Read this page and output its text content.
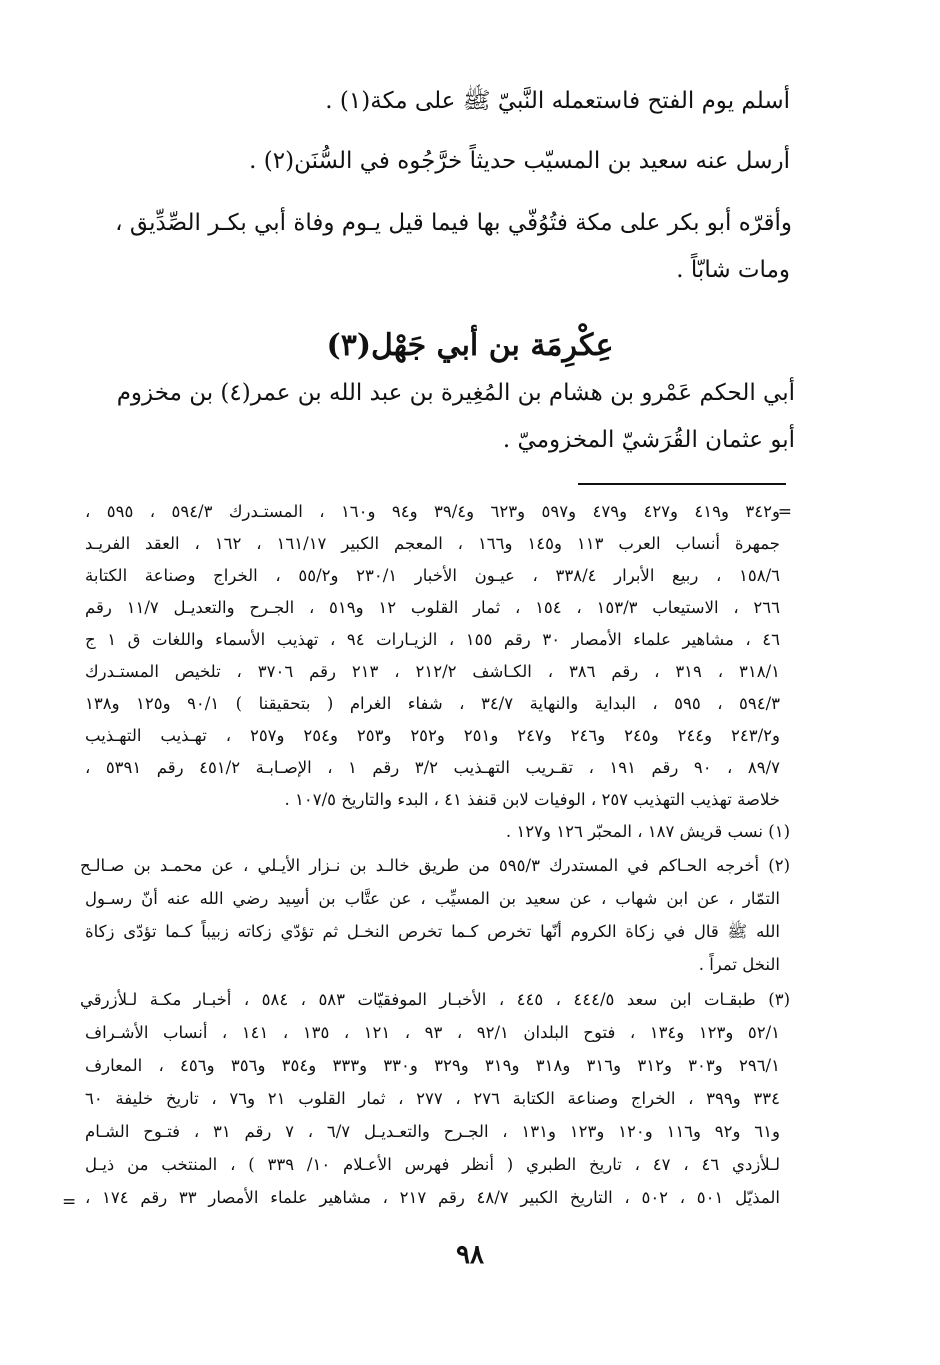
أسلم يوم الفتح فاستعمله النَّبيّ ﷺ على مكة(١) .
أرسل عنه سعيد بن المسيّب حديثاً خرَّجُوه في السُّنَن(٢) .
وأقرّه أبو بكر على مكة فتُوُفّي بها فيما قيل يـوم وفاة أبي بكـر الصِّدِّيق ،
ومات شابّاً .
عِكْرِمَة بن أبي جَهْل(٣)
أبي الحكم عَمْرو بن هشام بن المُغِيرة بن عبد الله بن عمر(٤) بن مخزوم
أبو عثمان القُرَشيّ المخزوميّ .
=
و٣٤٢ و٤١٩ و٤٢٧ و٤٧٩ و٥٩٧ و٦٢٣ و٣٩/٤ و٩٤ و١٦٠ ، المستـدرك ٥٩٤/٣ ، ٥٩٥ ،
جمهرة أنساب العرب ١١٣ و١٤٥ و١٦٦ ، المعجم الكبير ١٦١/١٧ ، ١٦٢ ، العقد الفريـد
١٥٨/٦ ، ربيع الأبرار ٣٣٨/٤ ، عيـون الأخبار ٢٣٠/١ و٥٥/٢ ، الخراج وصناعة الكتابة
٢٦٦ ، الاستيعاب ١٥٣/٣ ، ١٥٤ ، ثمار القلوب ١٢ و٥١٩ ، الجـرح والتعديـل ١١/٧ رقم
٤٦ ، مشاهير علماء الأمصار ٣٠ رقم ١٥٥ ، الزيـارات ٩٤ ، تهذيب الأسماء واللغات ق ١ ج
٣١٨/١ ، ٣١٩ ، رقم ٣٨٦ ، الكـاشف ٢١٢/٢ ، ٢١٣ رقم ٣٧٠٦ ، تلخيص المستـدرك
٥٩٤/٣ ، ٥٩٥ ، البداية والنهاية ٣٤/٧ ، شفاء الغرام ( بتحقيقنا ) ٩٠/١ و١٢٥ و١٣٨
و٢٤٣/٢ و٢٤٤ و٢٤٥ و٢٤٦ و٢٤٧ و٢٥١ و٢٥٢ و٢٥٣ و٢٥٤ و٢٥٧ ، تهـذيب التهـذيب
٨٩/٧ ، ٩٠ رقم ١٩١ ، تقـريب التهـذيب ٣/٢ رقم ١ ، الإصـابـة ٤٥١/٢ رقم ٥٣٩١ ،
خلاصة تهذيب التهذيب ٢٥٧ ، الوفيات لابن قنفذ ٤١ ، البدء والتاريخ ١٠٧/٥ .
(١) نسب قريش ١٨٧ ، المحبّر ١٢٦ و١٢٧ .
(٢) أخرجه الحـاكم في المستدرك ٥٩٥/٣ من طريق خالـد بن نـزار الأيـلي ، عن محمـد بن صـالـح
التمّار ، عن ابن شهاب ، عن سعيد بن المسيِّب ، عن عتَّاب بن أسِيد رضي الله عنه أنّ رسـول
الله ﷺ قال في زكاة الكروم أنّها تخرص كـما تخرص النخـل ثم تؤدّي زكاته زبيباً كـما تؤدّى زكاة
النخل تمراً .
(٣) طبقـات ابن سعد ٤٤٤/٥ ، ٤٤٥ ، الأخبـار الموفقيّات ٥٨٣ ، ٥٨٤ ، أخبـار مكـة لـلأزرقي
٥٢/١ و١٢٣ و١٣٤ ، فتوح البلدان ٩٢/١ ، ٩٣ ، ١٢١ ، ١٣٥ ، ١٤١ ، أنساب الأشـراف
٢٩٦/١ و٣٠٣ و٣١٢ و٣١٦ و٣١٨ و٣١٩ و٣٢٩ و٣٣٠ و٣٣٣ و٣٥٤ و٣٥٦ و٤٥٦ ، المعارف
٣٣٤ و٣٩٩ ، الخراج وصناعة الكتابة ٢٧٦ ، ٢٧٧ ، ثمار القلوب ٢١ و٧٦ ، تاريخ خليفة ٦٠
و٦١ و٩٢ و١١٦ و١٢٠ و١٢٣ و١٣١ ، الجـرح والتعـديـل ٦/٧ ، ٧ رقم ٣١ ، فتـوح الشـام
لـلأزدي ٤٦ ، ٤٧ ، تاريخ الطبري ( أنظر فهرس الأعـلام ١٠/ ٣٣٩ ) ، المنتخب من ذيـل
المذيّل ٥٠١ ، ٥٠٢ ، التاريخ الكبير ٤٨/٧ رقم ٢١٧ ، مشاهير علماء الأمصار ٣٣ رقم ١٧٤ ،
=
٩٨
